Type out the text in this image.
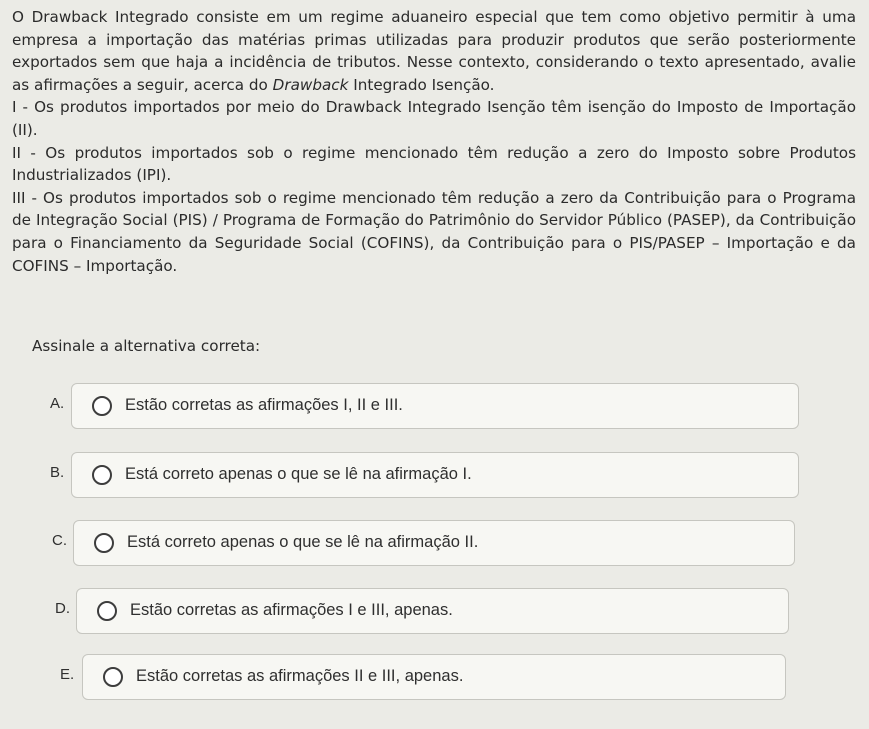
O Drawback Integrado consiste em um regime aduaneiro especial que tem como objetivo permitir à uma empresa a importação das matérias primas utilizadas para produzir produtos que serão posteriormente exportados sem que haja a incidência de tributos. Nesse contexto, considerando o texto apresentado, avalie as afirmações a seguir, acerca do Drawback Integrado Isenção.

I - Os produtos importados por meio do Drawback Integrado Isenção têm isenção do Imposto de Importação (II).

II - Os produtos importados sob o regime mencionado têm redução a zero do Imposto sobre Produtos Industrializados (IPI).

III - Os produtos importados sob o regime mencionado têm redução a zero da Contribuição para o Programa de Integração Social (PIS) / Programa de Formação do Patrimônio do Servidor Público (PASEP), da Contribuição para o Financiamento da Seguridade Social (COFINS), da Contribuição para o PIS/PASEP – Importação e da COFINS – Importação.

Assinale a alternativa correta:
A.	Estão corretas as afirmações I, II e III.
B.	Está correto apenas o que se lê na afirmação I.
C.	Está correto apenas o que se lê na afirmação II.
D.	Estão corretas as afirmações I e III, apenas.
E.	Estão corretas as afirmações II e III, apenas.
